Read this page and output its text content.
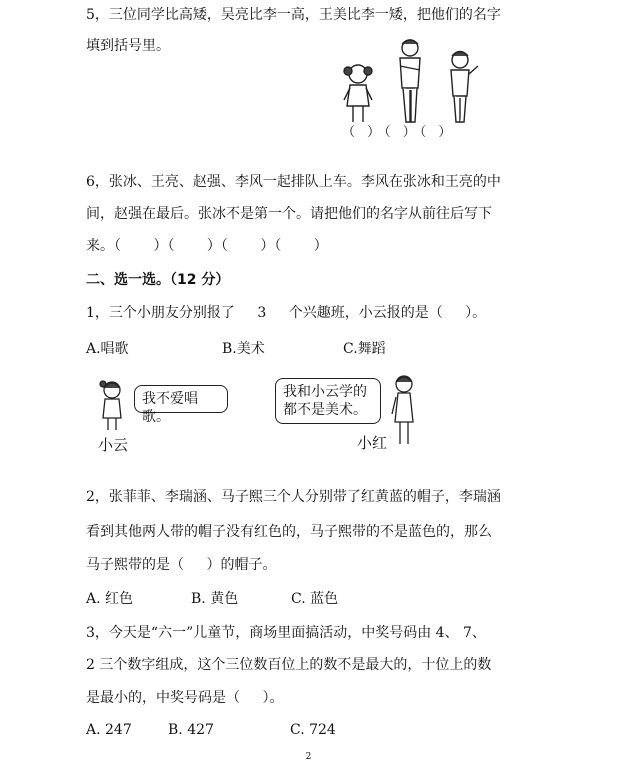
5，三位同学比高矮，吴亮比李一高，王美比李一矮，把他们的名字
填到括号里。
（ ）（ ）（ ）
6，张冰、王亮、赵强、李风一起排队上车。李风在张冰和王亮的中
间，赵强在最后。张冰不是第一个。请把他们的名字从前往后写下
来。（ ）（ ）（ ）（ ）
二、选一选。（12 分）
1，三个小朋友分别报了 3 个兴趣班，小云报的是（ ）。
A.唱歌	B.美术	C.舞蹈
我不爱唱歌。
小云
我和小云学的
都不是美术。
小红
2，张菲菲、李瑞涵、马子熙三个人分别带了红黄蓝的帽子，李瑞涵
看到其他两人带的帽子没有红色的，马子熙带的不是蓝色的，那么
马子熙带的是（ ）的帽子。
A. 红色	B. 黄色	C. 蓝色
3，今天是“六一”儿童节，商场里面搞活动，中奖号码由 4、 7、
2 三个数字组成，这个三位数百位上的数不是最大的，十位上的数
是最小的，中奖号码是（ ）。
A. 247	B. 427	C. 724
2
